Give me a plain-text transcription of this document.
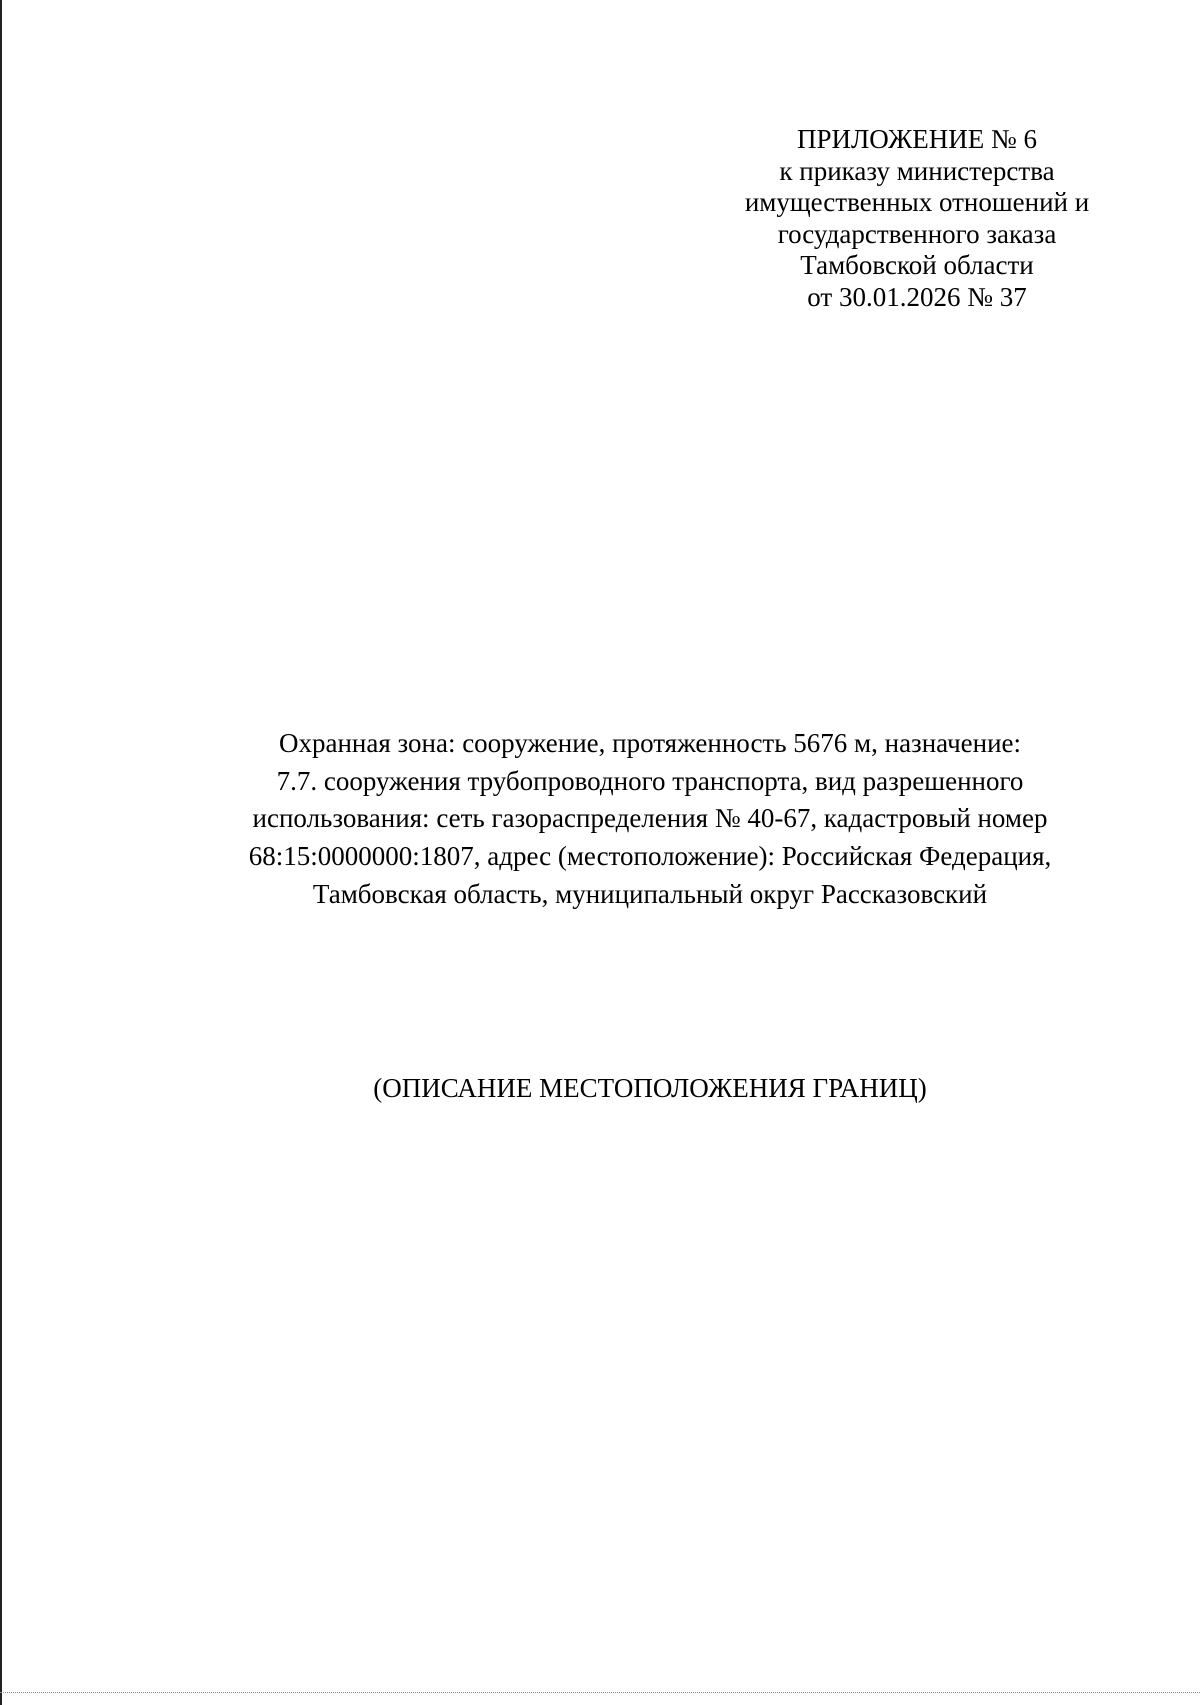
ПРИЛОЖЕНИЕ № 6
к приказу министерства
имущественных отношений и
государственного заказа
Тамбовской области
от 30.01.2026 № 37
Охранная зона: сооружение, протяженность 5676 м, назначение:
7.7. сооружения трубопроводного транспорта, вид разрешенного
использования: сеть газораспределения № 40-67, кадастровый номер
68:15:0000000:1807, адрес (местоположение): Российская Федерация,
Тамбовская область, муниципальный округ Рассказовский
(ОПИСАНИЕ МЕСТОПОЛОЖЕНИЯ ГРАНИЦ)
